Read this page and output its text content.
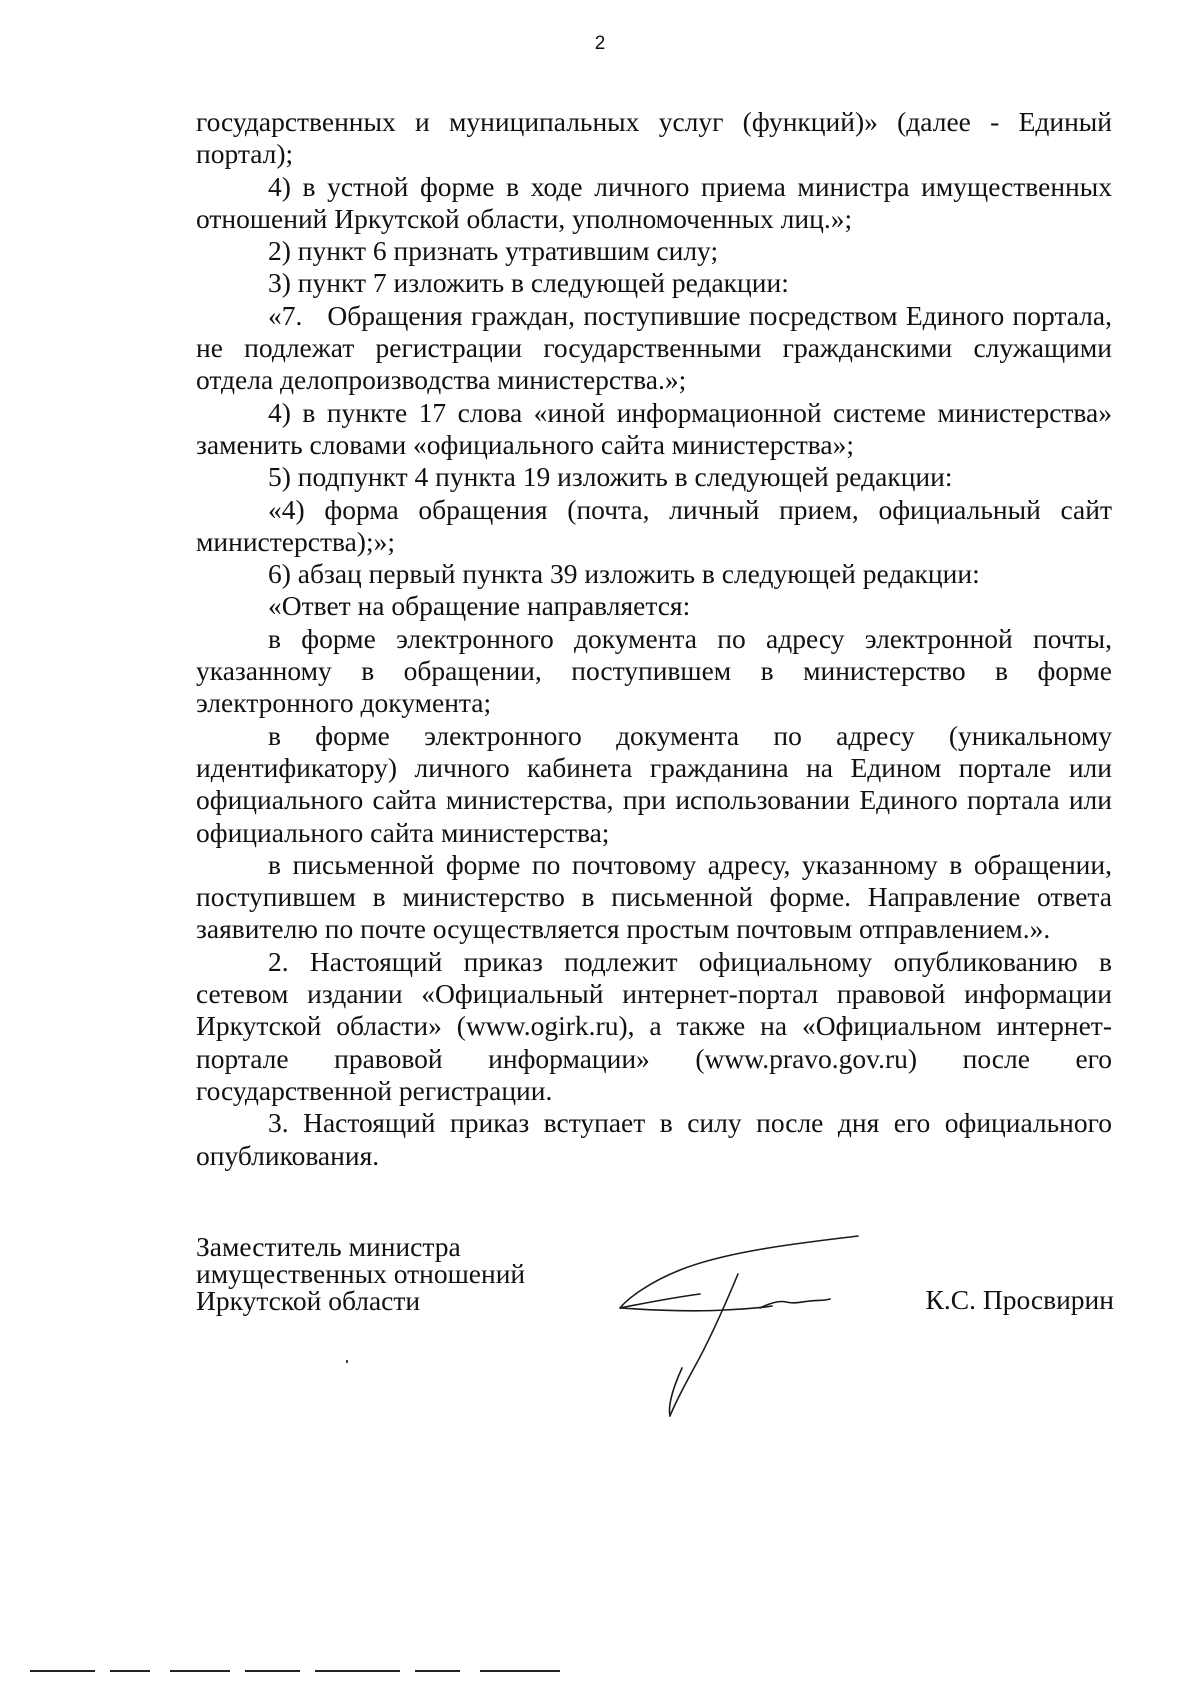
2

государственных и муниципальных услуг (функций)» (далее - Единый портал);

4) в устной форме в ходе личного приема министра имущественных отношений Иркутской области, уполномоченных лиц.»;

2) пункт 6 признать утратившим силу;

3) пункт 7 изложить в следующей редакции:

«7.   Обращения граждан, поступившие посредством Единого портала, не подлежат регистрации государственными гражданскими служащими отдела делопроизводства министерства.»;

4) в пункте 17 слова «иной информационной системе министерства» заменить словами «официального сайта министерства»;

5) подпункт 4 пункта 19 изложить в следующей редакции:

«4) форма обращения (почта, личный прием, официальный сайт министерства);»;

6) абзац первый пункта 39 изложить в следующей редакции:

«Ответ на обращение направляется:

в форме электронного документа по адресу электронной почты, указанному в обращении, поступившем в министерство в форме электронного документа;

в форме электронного документа по адресу (уникальному идентификатору) личного кабинета гражданина на Едином портале или официального сайта министерства, при использовании Единого портала или официального сайта министерства;

в письменной форме по почтовому адресу, указанному в обращении, поступившем в министерство в письменной форме. Направление ответа заявителю по почте осуществляется простым почтовым отправлением.».

2. Настоящий приказ подлежит официальному опубликованию в сетевом издании «Официальный интернет-портал правовой информации Иркутской области» (www.ogirk.ru), а также на «Официальном интернет-портале правовой информации» (www.pravo.gov.ru) после его государственной регистрации.

3. Настоящий приказ вступает в силу после дня его официального опубликования.

Заместитель министра
имущественных отношений
Иркутской области	К.С. Просвирин
